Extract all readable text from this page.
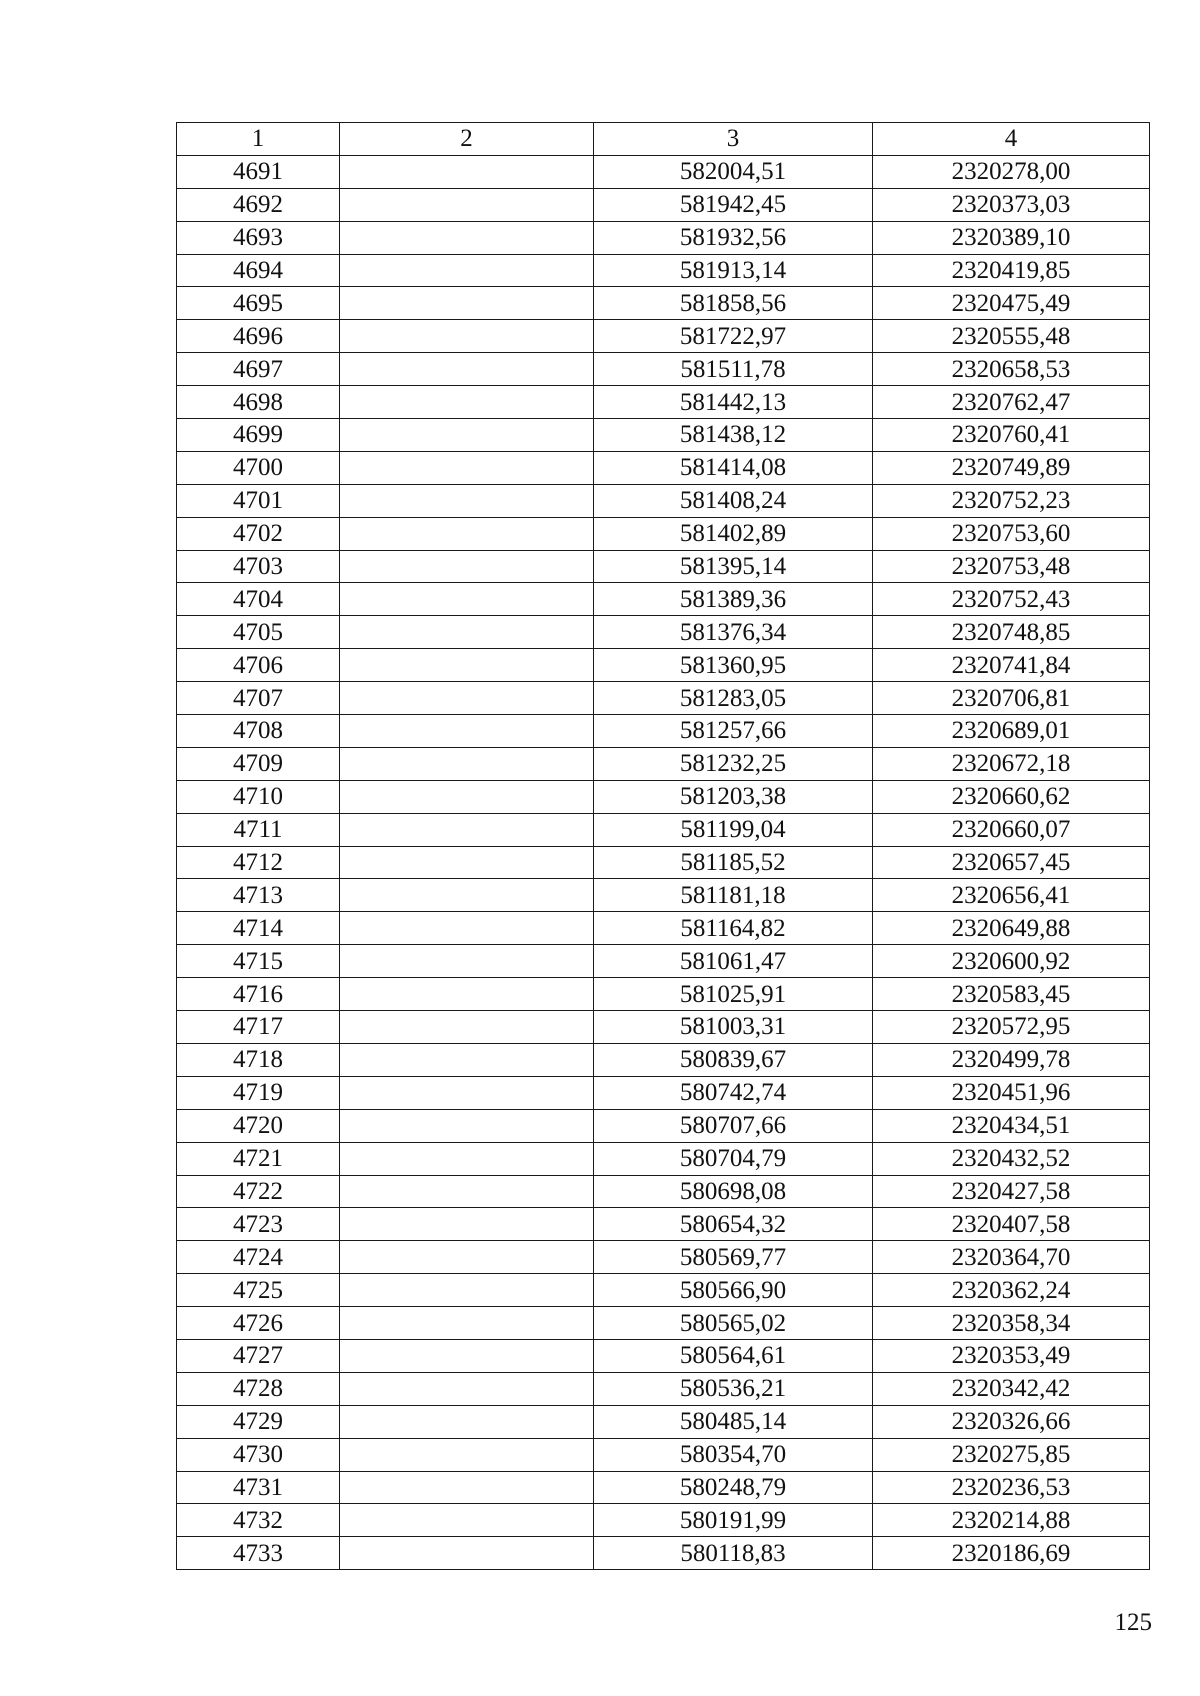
1	2	3	4
4691		582004,51	2320278,00
4692		581942,45	2320373,03
4693		581932,56	2320389,10
4694		581913,14	2320419,85
4695		581858,56	2320475,49
4696		581722,97	2320555,48
4697		581511,78	2320658,53
4698		581442,13	2320762,47
4699		581438,12	2320760,41
4700		581414,08	2320749,89
4701		581408,24	2320752,23
4702		581402,89	2320753,60
4703		581395,14	2320753,48
4704		581389,36	2320752,43
4705		581376,34	2320748,85
4706		581360,95	2320741,84
4707		581283,05	2320706,81
4708		581257,66	2320689,01
4709		581232,25	2320672,18
4710		581203,38	2320660,62
4711		581199,04	2320660,07
4712		581185,52	2320657,45
4713		581181,18	2320656,41
4714		581164,82	2320649,88
4715		581061,47	2320600,92
4716		581025,91	2320583,45
4717		581003,31	2320572,95
4718		580839,67	2320499,78
4719		580742,74	2320451,96
4720		580707,66	2320434,51
4721		580704,79	2320432,52
4722		580698,08	2320427,58
4723		580654,32	2320407,58
4724		580569,77	2320364,70
4725		580566,90	2320362,24
4726		580565,02	2320358,34
4727		580564,61	2320353,49
4728		580536,21	2320342,42
4729		580485,14	2320326,66
4730		580354,70	2320275,85
4731		580248,79	2320236,53
4732		580191,99	2320214,88
4733		580118,83	2320186,69
125
